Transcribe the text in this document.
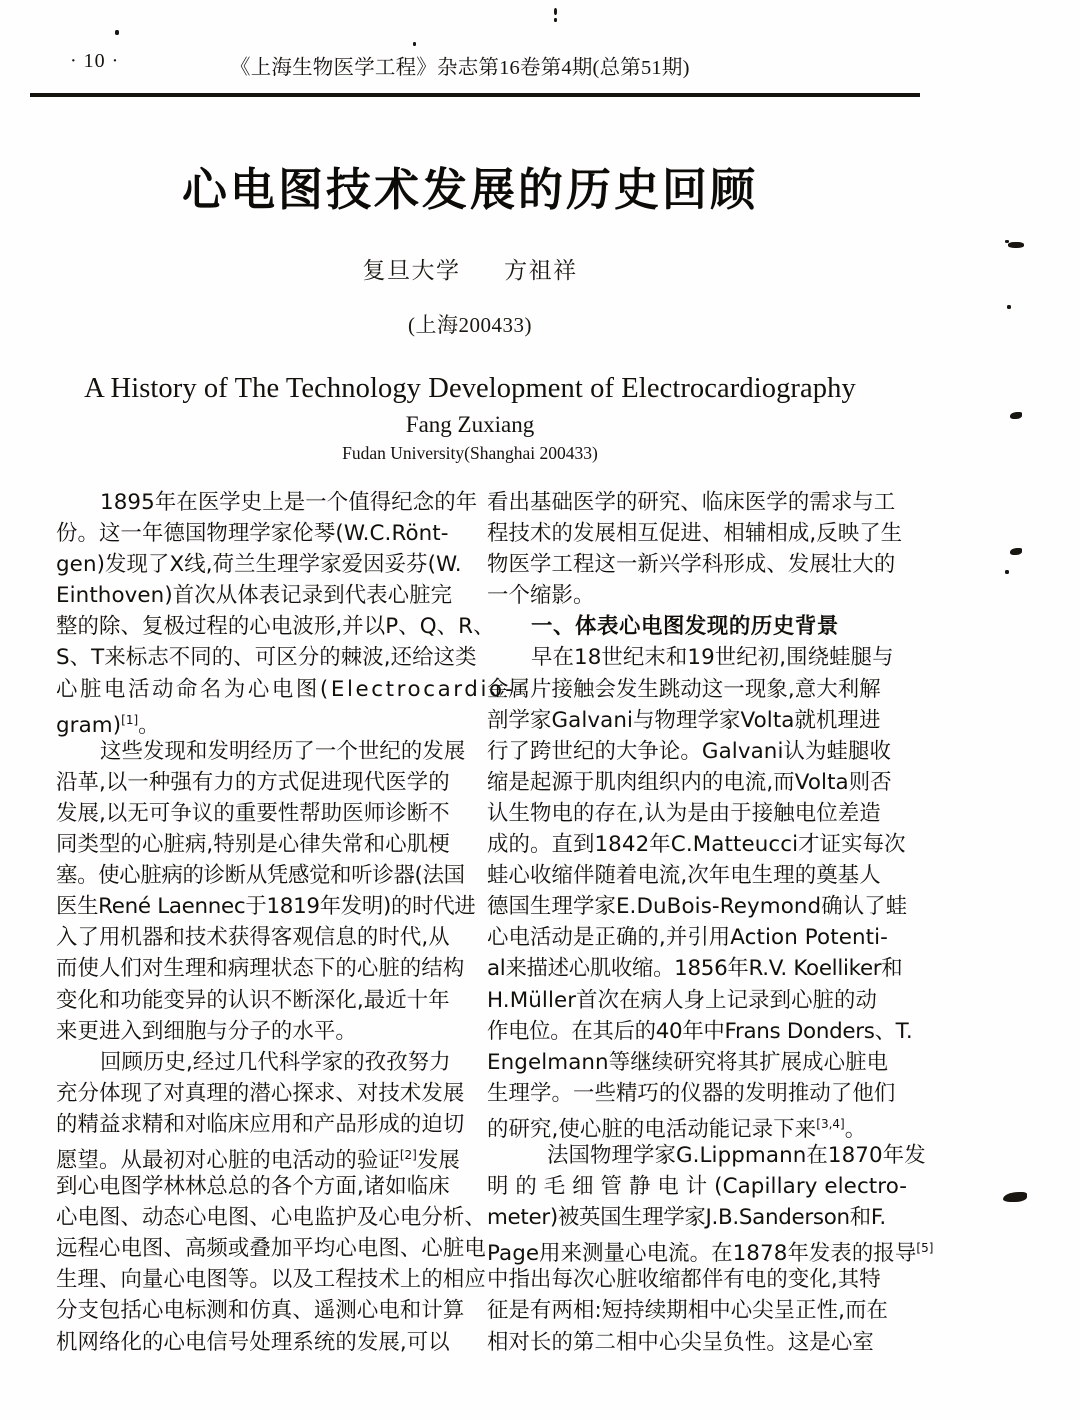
· 10 ·	《上海生物医学工程》杂志第16卷第4期(总第51期)
心电图技术发展的历史回顾
复旦大学 方祖祥
(上海200433)
A History of The Technology Development of Electrocardiography
Fang Zuxiang
Fudan University(Shanghai 200433)
1895年在医学史上是一个值得纪念的年
份。这一年德国物理学家伦琴(W.C.Rönt-
gen)发现了X线,荷兰生理学家爱因妥芬(W.
Einthoven)首次从体表记录到代表心脏完
整的除、复极过程的心电波形,并以P、Q、R、
S、T来标志不同的、可区分的棘波,还给这类
心脏电活动命名为心电图(Electrocardio-
gram)[1]。
这些发现和发明经历了一个世纪的发展
沿革,以一种强有力的方式促进现代医学的
发展,以无可争议的重要性帮助医师诊断不
同类型的心脏病,特别是心律失常和心肌梗
塞。使心脏病的诊断从凭感觉和听诊器(法国
医生René Laennec于1819年发明)的时代进
入了用机器和技术获得客观信息的时代,从
而使人们对生理和病理状态下的心脏的结构
变化和功能变异的认识不断深化,最近十年
来更进入到细胞与分子的水平。
回顾历史,经过几代科学家的孜孜努力
充分体现了对真理的潜心探求、对技术发展
的精益求精和对临床应用和产品形成的迫切
愿望。从最初对心脏的电活动的验证[2]发展
到心电图学林林总总的各个方面,诸如临床
心电图、动态心电图、心电监护及心电分析、
远程心电图、高频或叠加平均心电图、心脏电
生理、向量心电图等。以及工程技术上的相应
分支包括心电标测和仿真、遥测心电和计算
机网络化的心电信号处理系统的发展,可以
看出基础医学的研究、临床医学的需求与工
程技术的发展相互促进、相辅相成,反映了生
物医学工程这一新兴学科形成、发展壮大的
一个缩影。
一、体表心电图发现的历史背景
早在18世纪末和19世纪初,围绕蛙腿与
金属片接触会发生跳动这一现象,意大利解
剖学家Galvani与物理学家Volta就机理进
行了跨世纪的大争论。Galvani认为蛙腿收
缩是起源于肌肉组织内的电流,而Volta则否
认生物电的存在,认为是由于接触电位差造
成的。直到1842年C.Matteucci才证实每次
蛙心收缩伴随着电流,次年电生理的奠基人
德国生理学家E.DuBois-Reymond确认了蛙
心电活动是正确的,并引用Action Potenti-
al来描述心肌收缩。1856年R.V. Koelliker和
H.Müller首次在病人身上记录到心脏的动
作电位。在其后的40年中Frans Donders、T.
Engelmann等继续研究将其扩展成心脏电
生理学。一些精巧的仪器的发明推动了他们
的研究,使心脏的电活动能记录下来[3,4]。
法国物理学家G.Lippmann在1870年发
明 的 毛 细 管 静 电 计 (Capillary electro-
meter)被英国生理学家J.B.Sanderson和F.
Page用来测量心电流。在1878年发表的报导[5]
中指出每次心脏收缩都伴有电的变化,其特
征是有两相:短持续期相中心尖呈正性,而在
相对长的第二相中心尖呈负性。这是心室
